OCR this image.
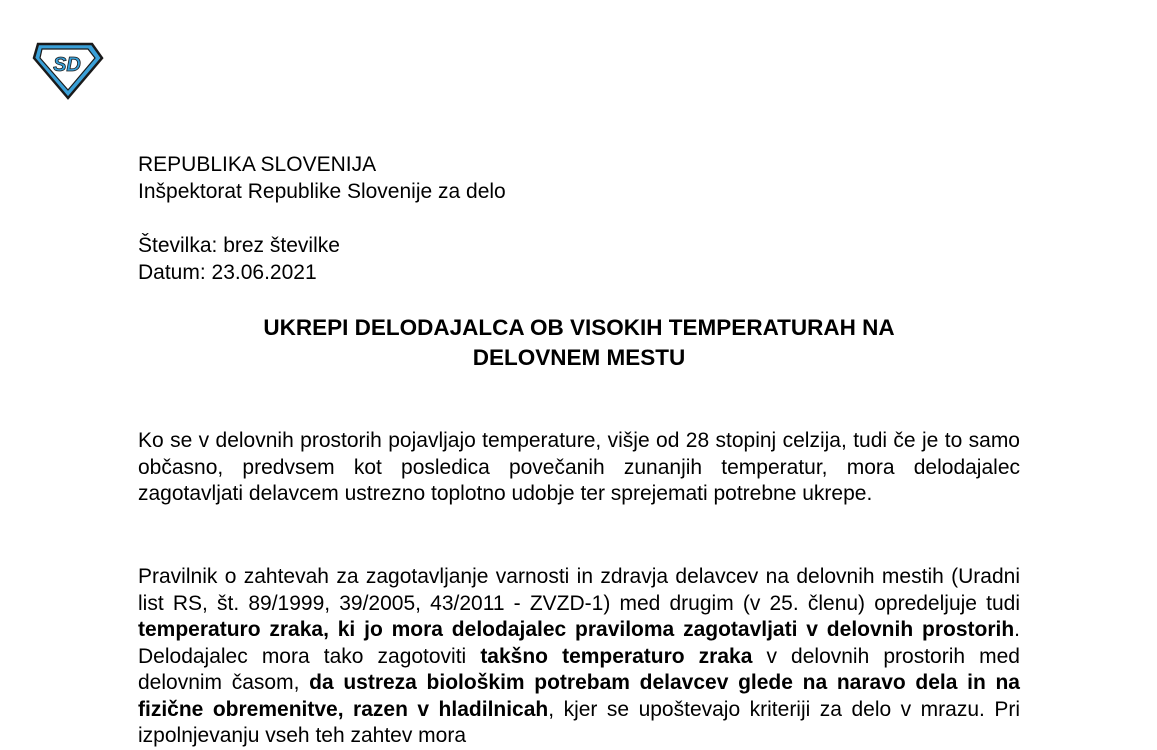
SD
REPUBLIKA SLOVENIJA
Inšpektorat Republike Slovenije za delo
Številka: brez številke
Datum: 23.06.2021
UKREPI DELODAJALCA OB VISOKIH TEMPERATURAH NA
DELOVNEM MESTU

Ko se v delovnih prostorih pojavljajo temperature, višje od 28 stopinj celzija, tudi če je to samo občasno, predvsem kot posledica povečanih zunanjih temperatur, mora delodajalec zagotavljati delavcem ustrezno toplotno udobje ter sprejemati potrebne ukrepe.

Pravilnik o zahtevah za zagotavljanje varnosti in zdravja delavcev na delovnih mestih (Uradni list RS, št. 89/1999, 39/2005, 43/2011 - ZVZD-1) med drugim (v 25. členu) opredeljuje tudi temperaturo zraka, ki jo mora delodajalec praviloma zagotavljati v delovnih prostorih. Delodajalec mora tako zagotoviti takšno temperaturo zraka v delovnih prostorih med delovnim časom, da ustreza biološkim potrebam delavcev glede na naravo dela in na fizične obremenitve, razen v hladilnicah, kjer se upoštevajo kriteriji za delo v mrazu. Pri izpolnjevanju vseh teh zahtev mora
